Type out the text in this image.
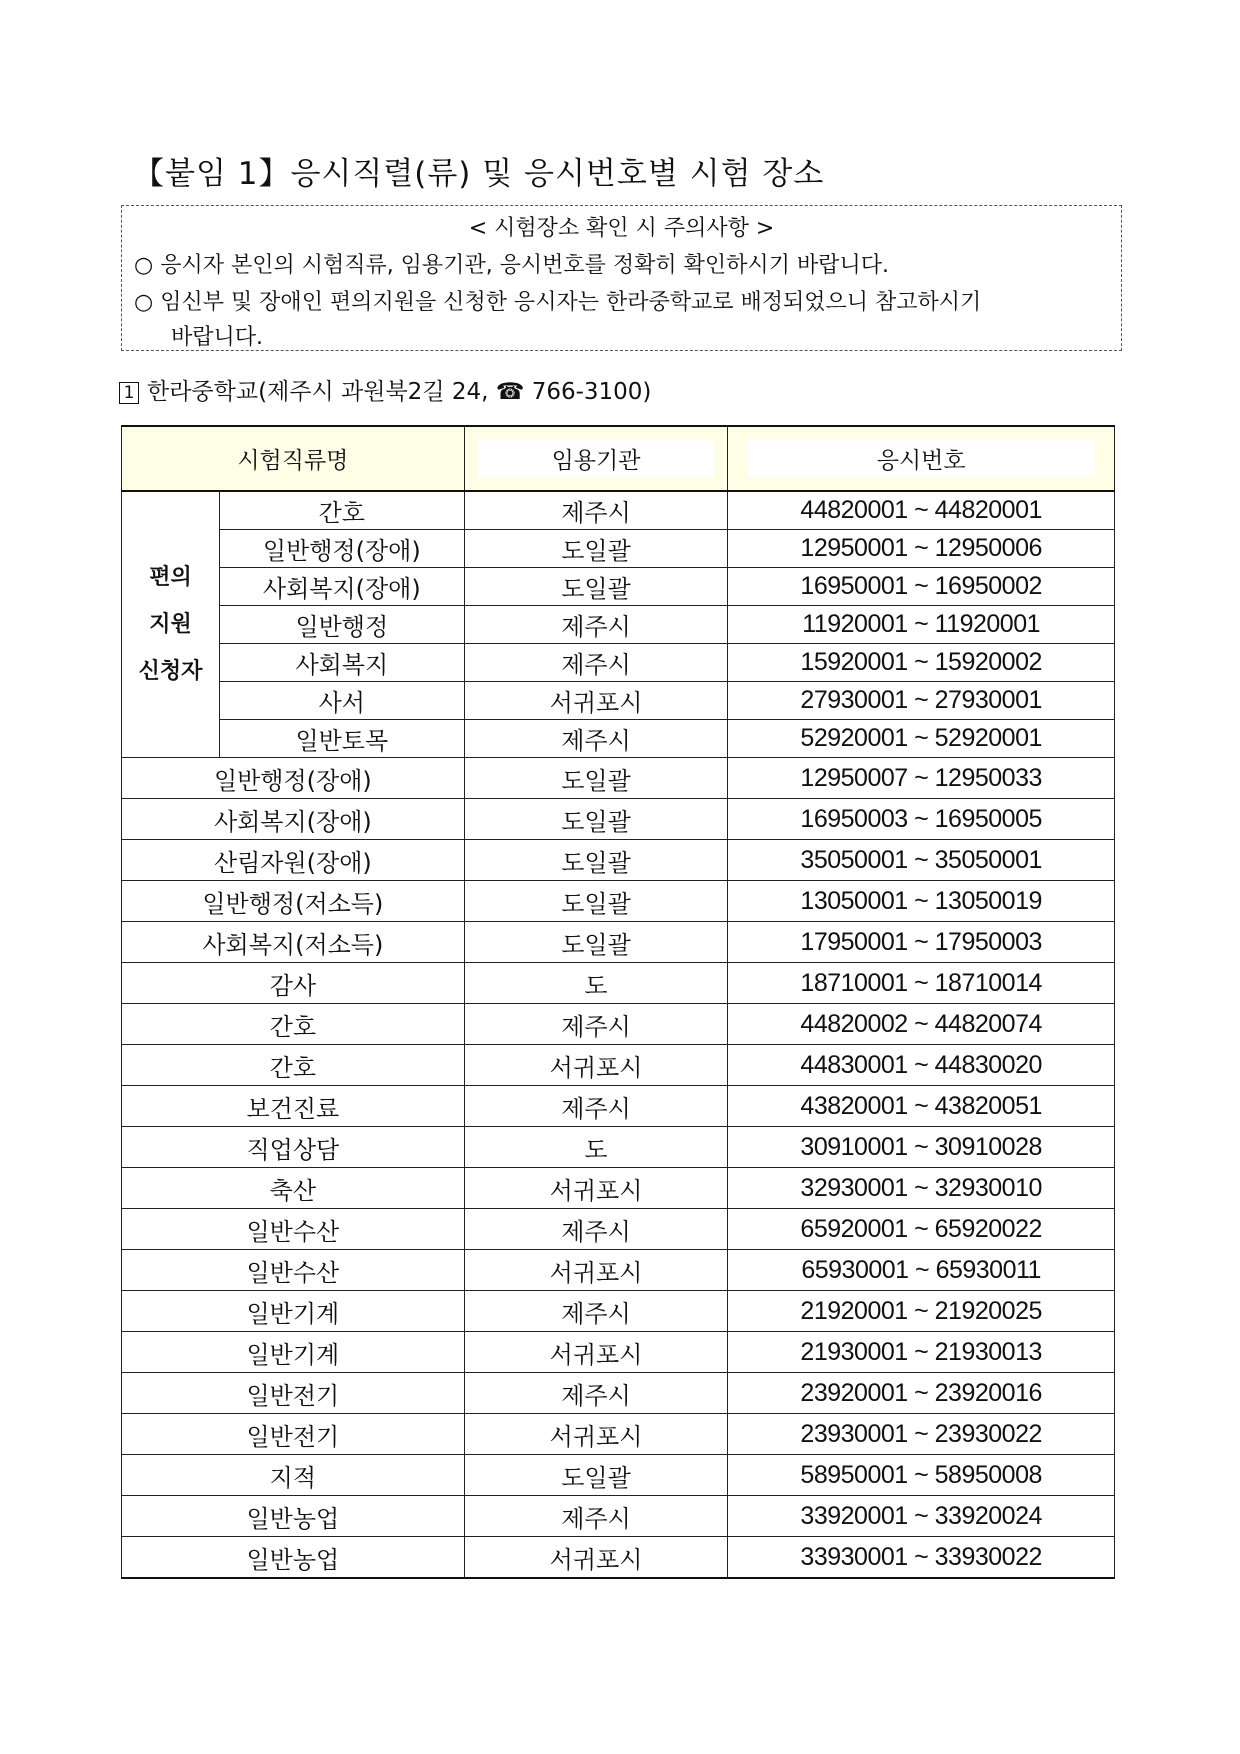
【붙임 1】응시직렬(류) 및 응시번호별 시험 장소
< 시험장소 확인 시 주의사항 >
○ 응시자 본인의 시험직류, 임용기관, 응시번호를 정확히 확인하시기 바랍니다.
○ 임신부 및 장애인 편의지원을 신청한 응시자는 한라중학교로 배정되었으니 참고하시기
바랍니다.
1 한라중학교(제주시 과원북2길 24, ☎ 766-3100)
시험직류명		임용기관	응시번호

편의
지원
신청자	간호	제주시	44820001 ~ 44820001
	일반행정(장애)	도일괄	12950001 ~ 12950006
	사회복지(장애)	도일괄	16950001 ~ 16950002
	일반행정	제주시	11920001 ~ 11920001
	사회복지	제주시	15920001 ~ 15920002
	사서	서귀포시	27930001 ~ 27930001
	일반토목	제주시	52920001 ~ 52920001
일반행정(장애)		도일괄	12950007 ~ 12950033
사회복지(장애)		도일괄	16950003 ~ 16950005
산림자원(장애)		도일괄	35050001 ~ 35050001
일반행정(저소득)		도일괄	13050001 ~ 13050019
사회복지(저소득)		도일괄	17950001 ~ 17950003
감사		도	18710001 ~ 18710014
간호		제주시	44820002 ~ 44820074
간호		서귀포시	44830001 ~ 44830020
보건진료		제주시	43820001 ~ 43820051
직업상담		도	30910001 ~ 30910028
축산		서귀포시	32930001 ~ 32930010
일반수산		제주시	65920001 ~ 65920022
일반수산		서귀포시	65930001 ~ 65930011
일반기계		제주시	21920001 ~ 21920025
일반기계		서귀포시	21930001 ~ 21930013
일반전기		제주시	23920001 ~ 23920016
일반전기		서귀포시	23930001 ~ 23930022
지적		도일괄	58950001 ~ 58950008
일반농업		제주시	33920001 ~ 33920024
일반농업		서귀포시	33930001 ~ 33930022
